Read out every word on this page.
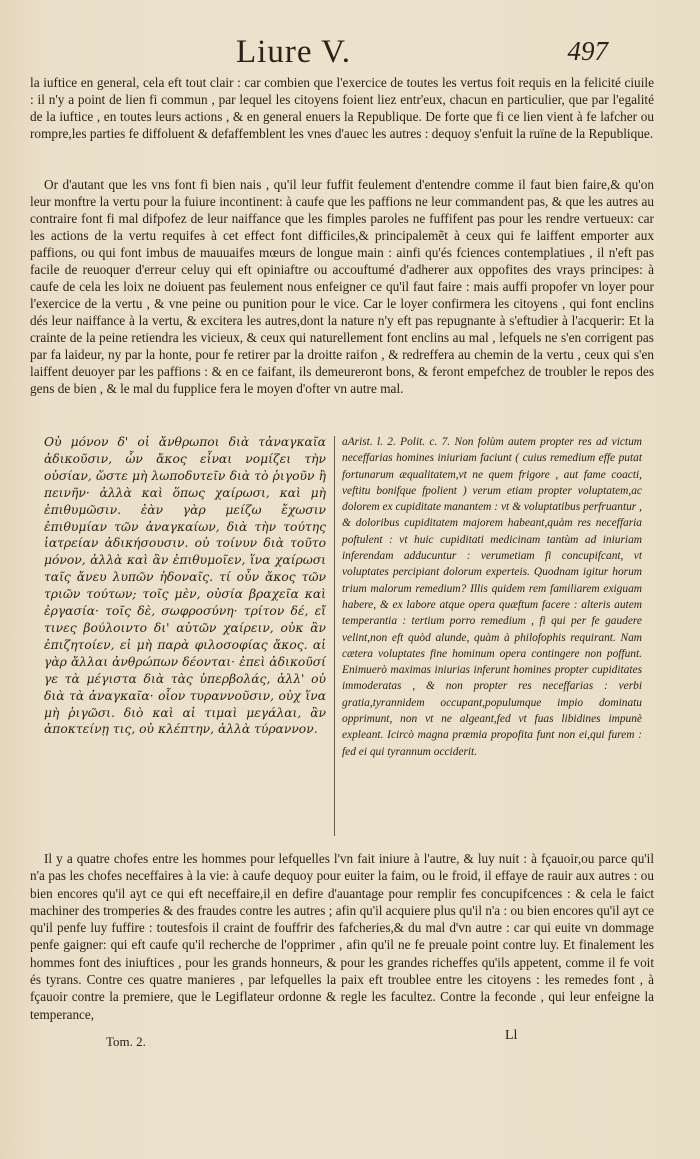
Liure V.	497

la iuftice en general, cela eft tout clair : car combien que l'exercice de toutes les vertus foit requis en la felicité ciuile : il n'y a point de lien fi commun , par lequel les citoyens foient liez entr'eux, chacun en particulier, que par l'egalité de la iuftice , en toutes leurs actions , & en general enuers la Republique. De forte que fi ce lien vient à fe lafcher ou rompre,les parties fe diffoluent & defaffemblent les vnes d'auec les autres : dequoy s'enfuit la ruïne de la Republique.

Or d'autant que les vns font fi bien nais , qu'il leur fuffit feulement d'entendre comme il faut bien faire,& qu'on leur monftre la vertu pour la fuiure incontinent: à caufe que les paffions ne leur commandent pas, & que les autres au contraire font fi mal difpofez de leur naiffance que les fimples paroles ne fuffifent pas pour les rendre vertueux: car les actions de la vertu requifes à cet effect font difficiles,& principalemẽt à ceux qui fe laiffent emporter aux paffions, ou qui font imbus de mauuaifes mœurs de longue main : ainfi qu'és fciences contemplatiues , il n'eft pas facile de reuoquer d'erreur celuy qui eft opiniaftre ou accouftumé d'adherer aux oppofites des vrays principes: à caufe de cela les loix ne doiuent pas feulement nous enfeigner ce qu'il faut faire : mais auffi propofer vn loyer pour l'exercice de la vertu , & vne peine ou punition pour le vice. Car le loyer confirmera les citoyens , qui font enclins dés leur naiffance à la vertu, & excitera les autres,dont la nature n'y eft pas repugnante à s'eftudier à l'acquerir: Et la crainte de la peine retiendra les vicieux, & ceux qui naturellement font enclins au mal , lefquels ne s'en corrigent pas par fa laideur, ny par la honte, pour fe retirer par la droitte raifon , & redrefferа au chemin de la vertu , ceux qui s'en laiffent deuoyer par les paffions : & en ce faifant, ils demeureront bons, & feront empefchez de troubler le repos des gens de bien , & le mal du fupplice fera le moyen d'ofter vn autre mal.

Οὐ μόνον δ' οἱ ἄνθρωποι διὰ τἀναγκαῖα ἀδικοῦσιν, ὧν ἄκος εἶναι νομίζει τὴν οὐσίαν, ὥστε μὴ λωποδυτεῖν διὰ τὸ ῥιγοῦν ἢ πεινῆν· ἀλλὰ καὶ ὅπως χαίρωσι, καὶ μὴ ἐπιθυμῶσιν. ἐὰν γὰρ μείζω ἔχωσιν ἐπιθυμίαν τῶν ἀναγκαίων, διὰ τὴν τούτης ἰατρείαν ἀδικήσουσιν. οὐ τοίνυν διὰ τοῦτο μόνον, ἀλλὰ καὶ ἂν ἐπιθυμοῖεν, ἵνα χαίρωσι ταῖς ἄνευ λυπῶν ἡδοναῖς. τί οὖν ἄκος τῶν τριῶν τούτων; τοῖς μὲν, οὐσία βραχεῖα καὶ ἐργασία· τοῖς δὲ, σωφροσύνη· τρίτον δέ, εἴ τινες βούλοιντο δι' αὐτῶν χαίρειν, οὐκ ἂν ἐπιζητοίεν, εἰ μὴ παρὰ φιλοσοφίας ἄκος. αἱ γὰρ ἄλλαι ἀνθρώπων δέονται· ἐπεὶ ἀδικοῦσί γε τὰ μέγιστα διὰ τὰς ὑπερβολάς, ἀλλ' οὐ διὰ τὰ ἀναγκαῖα· οἷον τυραννοῦσιν, οὐχ ἵνα μὴ ῥιγῶσι. διὸ καὶ αἱ τιμαὶ μεγάλαι, ἂν ἀποκτείνῃ τις, οὐ κλέπτην, ἀλλὰ τύραννον.
aArist. l. 2. Polit. c. 7. Non folùm autem propter res ad victum neceffarias homines iniuriam faciunt ( cuius remedium effe putat fortunarum æqualitatem,vt ne quem frigore , aut fame coacti, veftitu bonifque fpolient ) verum etiam propter voluptatem,ac dolorem ex cupiditate manantem : vt & voluptatibus perfruantur , & doloribus cupiditatem majorem habeant,quàm res neceffaria poftulent : vt huic cupiditati medicinam tantùm ad iniuriam inferendam adducuntur : verumetiam fi concupifcant, vt voluptates percipiant dolorum experteis. Quodnam igitur horum trium malorum remedium? Illis quidem rem familiarem exiguam habere, & ex labore atque opera quæftum facere : alteris autem temperantia : tertium porro remedium , fi qui per fe gaudere velint,non eft quòd alunde, quàm à philofophis requirant. Nam cætera voluptates fine hominum opera contingere non poffunt. Enimuerò maximas iniurias inferunt homines propter cupiditates immoderatas , & non propter res neceffarias : verbi gratia,tyrannidem occupant,populumque impio dominatu opprimunt, non vt ne algeant,fed vt fuas libidines impunè expleant. Icircò magna præmia propofita funt non ei,qui furem : fed ei qui tyrannum occiderit.

Il y a quatre chofes entre les hommes pour lefquelles l'vn fait iniure à l'autre, & luy nuit : à fçauoir,ou parce qu'il n'a pas les chofes neceffaires à la vie: à caufe dequoy pour euiter la faim, ou le froid, il effaye de rauir aux autres : ou bien encores qu'il ayt ce qui eft neceffaire,il en defire d'auantage pour remplir fes concupifcences : & cela le faict machiner des tromperies & des fraudes contre les autres ; afin qu'il acquiere plus qu'il n'a : ou bien encores qu'il ayt ce qu'il penfe luy fuffire : toutesfois il craint de fouffrir des fafcheries,& du mal d'vn autre : car qui euite vn dommage penfe gaigner: qui eft caufe qu'il recherche de l'opprimer , afin qu'il ne fe preuale point contre luy. Et finalement les hommes font des iniuftices , pour les grands honneurs, & pour les grandes richeffes qu'ils appetent, comme il fe voit és tyrans. Contre ces quatre manieres , par lefquelles la paix eft troublee entre les citoyens : les remedes font , à fçauoir contre la premiere, que le Legiflateur ordonne & regle les facultez. Contre la feconde , qui leur enfeigne la temperance,

Tom. 2.	Ll
